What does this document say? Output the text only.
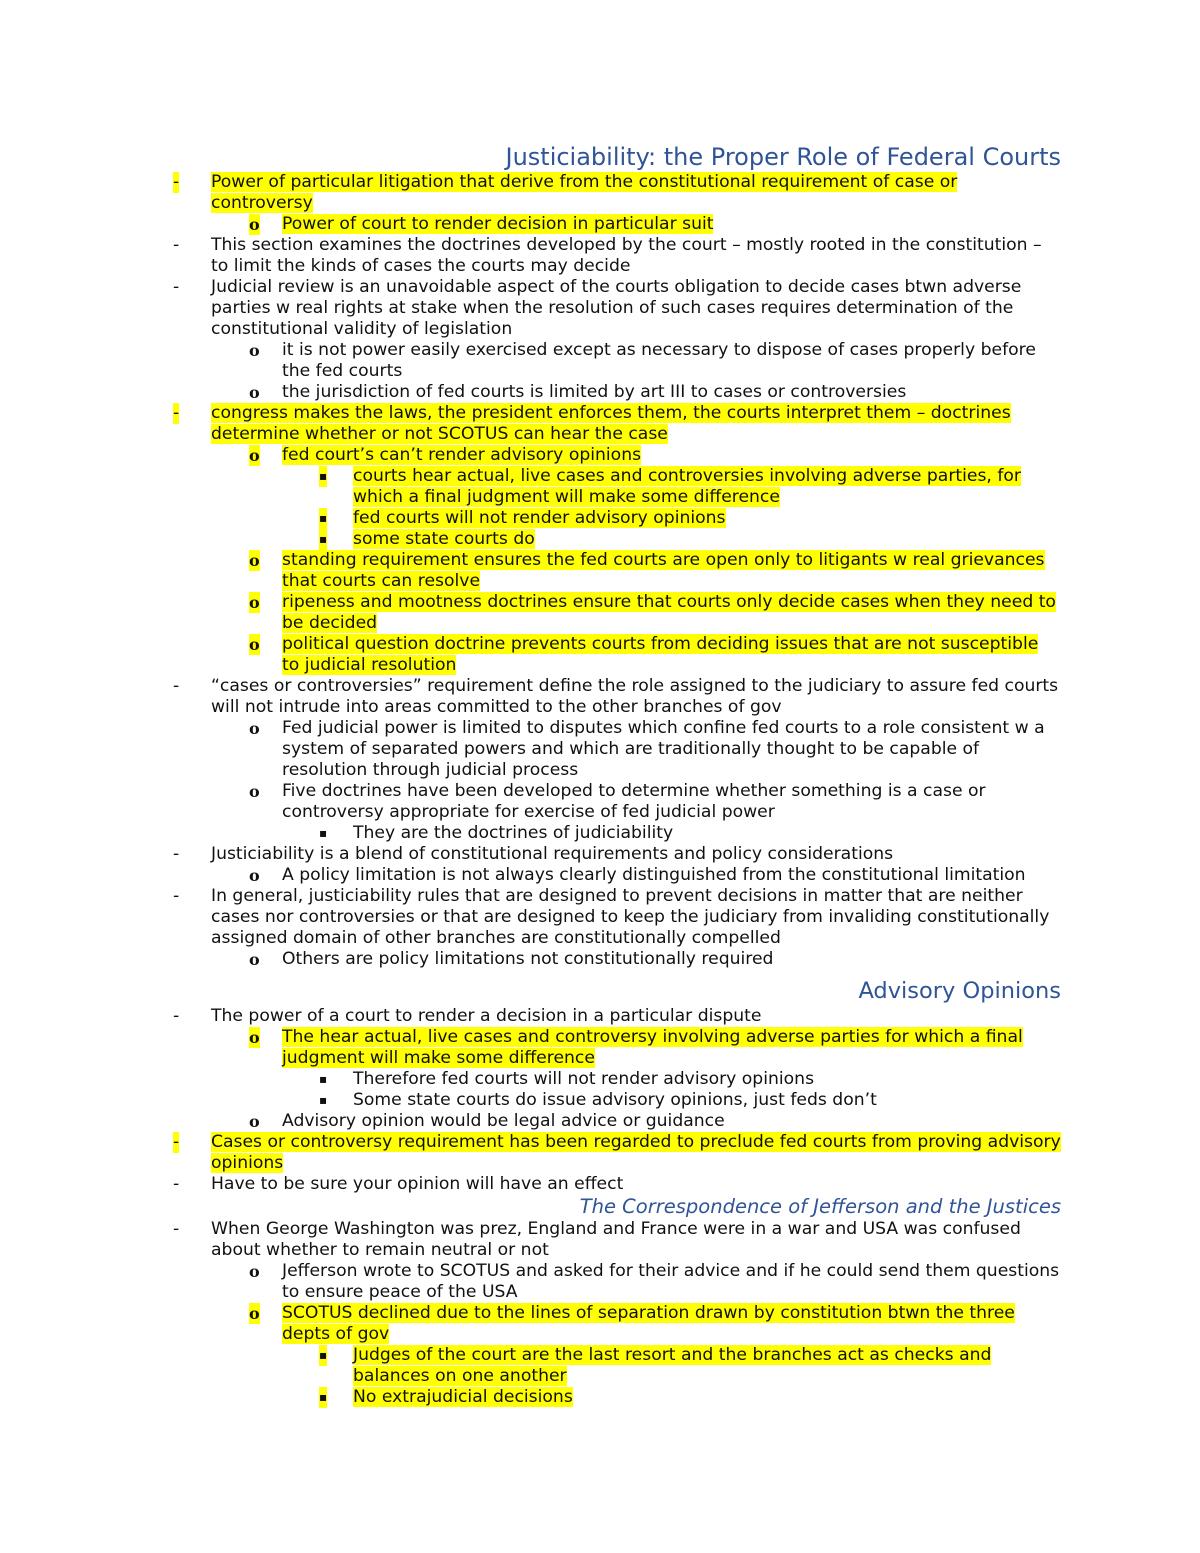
Justiciability: the Proper Role of Federal Courts
- Power of particular litigation that derive from the constitutional requirement of case or controversy
o Power of court to render decision in particular suit
- This section examines the doctrines developed by the court – mostly rooted in the constitution – to limit the kinds of cases the courts may decide
- Judicial review is an unavoidable aspect of the courts obligation to decide cases btwn adverse parties w real rights at stake when the resolution of such cases requires determination of the constitutional validity of legislation
o it is not power easily exercised except as necessary to dispose of cases properly before the fed courts
o the jurisdiction of fed courts is limited by art III to cases or controversies
- congress makes the laws, the president enforces them, the courts interpret them – doctrines determine whether or not SCOTUS can hear the case
o fed court’s can’t render advisory opinions
▪ courts hear actual, live cases and controversies involving adverse parties, for which a final judgment will make some difference
▪ fed courts will not render advisory opinions
▪ some state courts do
o standing requirement ensures the fed courts are open only to litigants w real grievances that courts can resolve
o ripeness and mootness doctrines ensure that courts only decide cases when they need to be decided
o political question doctrine prevents courts from deciding issues that are not susceptible to judicial resolution
- “cases or controversies” requirement define the role assigned to the judiciary to assure fed courts will not intrude into areas committed to the other branches of gov
o Fed judicial power is limited to disputes which confine fed courts to a role consistent w a system of separated powers and which are traditionally thought to be capable of resolution through judicial process
o Five doctrines have been developed to determine whether something is a case or controversy appropriate for exercise of fed judicial power
▪ They are the doctrines of judiciability
- Justiciability is a blend of constitutional requirements and policy considerations
o A policy limitation is not always clearly distinguished from the constitutional limitation
- In general, justiciability rules that are designed to prevent decisions in matter that are neither cases nor controversies or that are designed to keep the judiciary from invaliding constitutionally assigned domain of other branches are constitutionally compelled
o Others are policy limitations not constitutionally required
Advisory Opinions
- The power of a court to render a decision in a particular dispute
o The hear actual, live cases and controversy involving adverse parties for which a final judgment will make some difference
▪ Therefore fed courts will not render advisory opinions
▪ Some state courts do issue advisory opinions, just feds don’t
o Advisory opinion would be legal advice or guidance
- Cases or controversy requirement has been regarded to preclude fed courts from proving advisory opinions
- Have to be sure your opinion will have an effect
The Correspondence of Jefferson and the Justices
- When George Washington was prez, England and France were in a war and USA was confused about whether to remain neutral or not
o Jefferson wrote to SCOTUS and asked for their advice and if he could send them questions to ensure peace of the USA
o SCOTUS declined due to the lines of separation drawn by constitution btwn the three depts of gov
▪ Judges of the court are the last resort and the branches act as checks and balances on one another
▪ No extrajudicial decisions
